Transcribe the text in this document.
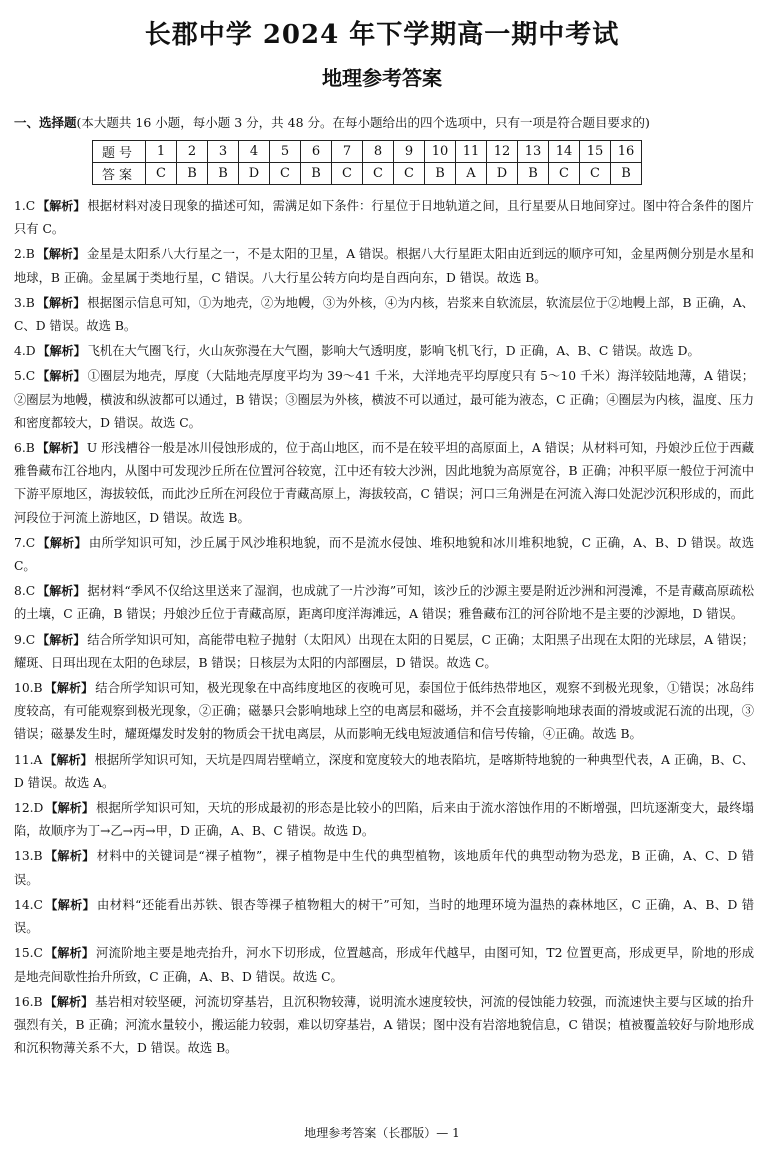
长郡中学 2024 年下学期高一期中考试
地理参考答案
一、选择题(本大题共 16 小题，每小题 3 分，共 48 分。在每小题给出的四个选项中，只有一项是符合题目要求的)
题号	1	2	3	4	5	6	7	8	9	10	11	12	13	14	15	16
答案	C	B	B	D	C	B	C	C	C	B	A	D	B	C	C	B
1.C 【解析】 根据材料对凌日现象的描述可知，需满足如下条件：行星位于日地轨道之间，且行星要从日地间穿过。图中符合条件的图片只有 C。
2.B 【解析】 金星是太阳系八大行星之一，不是太阳的卫星，A 错误。根据八大行星距太阳由近到远的顺序可知，金星两侧分别是水星和地球，B 正确。金星属于类地行星，C 错误。八大行星公转方向均是自西向东，D 错误。故选 B。
3.B 【解析】 根据图示信息可知，①为地壳，②为地幔，③为外核，④为内核，岩浆来自软流层，软流层位于②地幔上部，B 正确，A、C、D 错误。故选 B。
4.D 【解析】 飞机在大气圈飞行，火山灰弥漫在大气圈，影响大气透明度，影响飞机飞行，D 正确，A、B、C 错误。故选 D。
5.C 【解析】 ①圈层为地壳，厚度（大陆地壳厚度平均为 39～41 千米，大洋地壳平均厚度只有 5～10 千米）海洋较陆地薄，A 错误；②圈层为地幔，横波和纵波都可以通过，B 错误；③圈层为外核，横波不可以通过，最可能为液态，C 正确；④圈层为内核，温度、压力和密度都较大，D 错误。故选 C。
6.B 【解析】 U 形浅槽谷一般是冰川侵蚀形成的，位于高山地区，而不是在较平坦的高原面上，A 错误；从材料可知，丹娘沙丘位于西藏雅鲁藏布江谷地内，从图中可发现沙丘所在位置河谷较宽，江中还有较大沙洲，因此地貌为高原宽谷，B 正确；冲积平原一般位于河流中下游平原地区，海拔较低，而此沙丘所在河段位于青藏高原上，海拔较高，C 错误；河口三角洲是在河流入海口处泥沙沉积形成的，而此河段位于河流上游地区，D 错误。故选 B。
7.C 【解析】 由所学知识可知，沙丘属于风沙堆积地貌，而不是流水侵蚀、堆积地貌和冰川堆积地貌，C 正确，A、B、D 错误。故选 C。
8.C 【解析】 据材料“季风不仅给这里送来了湿润，也成就了一片沙海”可知，该沙丘的沙源主要是附近沙洲和河漫滩，不是青藏高原疏松的土壤，C 正确，B 错误；丹娘沙丘位于青藏高原，距离印度洋海滩远，A 错误；雅鲁藏布江的河谷阶地不是主要的沙源地，D 错误。
9.C 【解析】 结合所学知识可知，高能带电粒子抛射（太阳风）出现在太阳的日冕层，C 正确；太阳黑子出现在太阳的光球层，A 错误；耀斑、日珥出现在太阳的色球层，B 错误；日核层为太阳的内部圈层，D 错误。故选 C。
10.B 【解析】 结合所学知识可知，极光现象在中高纬度地区的夜晚可见，泰国位于低纬热带地区，观察不到极光现象，①错误；冰岛纬度较高，有可能观察到极光现象，②正确；磁暴只会影响地球上空的电离层和磁场，并不会直接影响地球表面的滑坡或泥石流的出现，③错误；磁暴发生时，耀斑爆发时发射的物质会干扰电离层，从而影响无线电短波通信和信号传输，④正确。故选 B。
11.A 【解析】 根据所学知识可知，天坑是四周岩壁峭立，深度和宽度较大的地表陷坑，是喀斯特地貌的一种典型代表，A 正确，B、C、D 错误。故选 A。
12.D 【解析】 根据所学知识可知，天坑的形成最初的形态是比较小的凹陷，后来由于流水溶蚀作用的不断增强，凹坑逐渐变大，最终塌陷，故顺序为丁→乙→丙→甲，D 正确，A、B、C 错误。故选 D。
13.B 【解析】 材料中的关键词是“裸子植物”，裸子植物是中生代的典型植物，该地质年代的典型动物为恐龙，B 正确，A、C、D 错误。
14.C 【解析】 由材料“还能看出苏铁、银杏等裸子植物粗大的树干”可知，当时的地理环境为温热的森林地区，C 正确，A、B、D 错误。
15.C 【解析】 河流阶地主要是地壳抬升，河水下切形成，位置越高，形成年代越早，由图可知，T2 位置更高，形成更早，阶地的形成是地壳间歇性抬升所致，C 正确，A、B、D 错误。故选 C。
16.B 【解析】 基岩相对较坚硬，河流切穿基岩，且沉积物较薄，说明流水速度较快，河流的侵蚀能力较强，而流速快主要与区域的抬升强烈有关，B 正确；河流水量较小，搬运能力较弱，难以切穿基岩，A 错误；图中没有岩溶地貌信息，C 错误；植被覆盖较好与阶地形成和沉积物薄关系不大，D 错误。故选 B。
地理参考答案（长郡版）— 1
